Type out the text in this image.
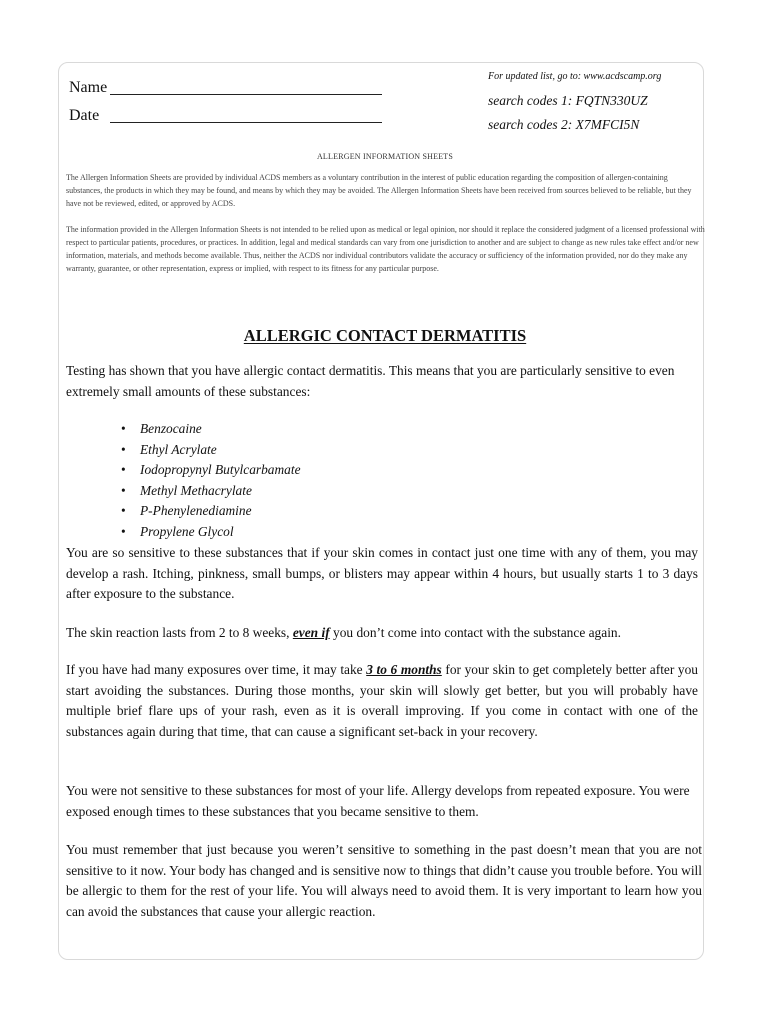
Name
Date
For updated list, go to: www.acdscamp.org
search codes 1: FQTN330UZ
search codes 2: X7MFCI5N
ALLERGEN INFORMATION SHEETS
The Allergen Information Sheets are provided by individual ACDS members as a voluntary contribution in the interest of public education regarding the composition of allergen-containing substances, the products in which they may be found, and means by which they may be avoided. The Allergen Information Sheets have been received from sources believed to be reliable, but they have not be reviewed, edited, or approved by ACDS.
The information provided in the Allergen Information Sheets is not intended to be relied upon as medical or legal opinion, nor should it replace the considered judgment of a licensed professional with respect to particular patients, procedures, or practices. In addition, legal and medical standards can vary from one jurisdiction to another and are subject to change as new rules take effect and/or new information, materials, and methods become available. Thus, neither the ACDS nor individual contributors validate the accuracy or sufficiency of the information provided, nor do they make any warranty, guarantee, or other representation, express or implied, with respect to its fitness for any particular purpose.
ALLERGIC CONTACT DERMATITIS
Testing has shown that you have allergic contact dermatitis. This means that you are particularly sensitive to even extremely small amounts of these substances:
• Benzocaine
• Ethyl Acrylate
• Iodopropynyl Butylcarbamate
• Methyl Methacrylate
• P-Phenylenediamine
• Propylene Glycol
You are so sensitive to these substances that if your skin comes in contact just one time with any of them, you may develop a rash. Itching, pinkness, small bumps, or blisters may appear within 4 hours, but usually starts 1 to 3 days after exposure to the substance.
The skin reaction lasts from 2 to 8 weeks, even if you don’t come into contact with the substance again.
If you have had many exposures over time, it may take 3 to 6 months for your skin to get completely better after you start avoiding the substances. During those months, your skin will slowly get better, but you will probably have multiple brief flare ups of your rash, even as it is overall improving. If you come in contact with one of the substances again during that time, that can cause a significant set-back in your recovery.
You were not sensitive to these substances for most of your life. Allergy develops from repeated exposure. You were exposed enough times to these substances that you became sensitive to them.
You must remember that just because you weren’t sensitive to something in the past doesn’t mean that you are not sensitive to it now. Your body has changed and is sensitive now to things that didn’t cause you trouble before. You will be allergic to them for the rest of your life. You will always need to avoid them. It is very important to learn how you can avoid the substances that cause your allergic reaction.
